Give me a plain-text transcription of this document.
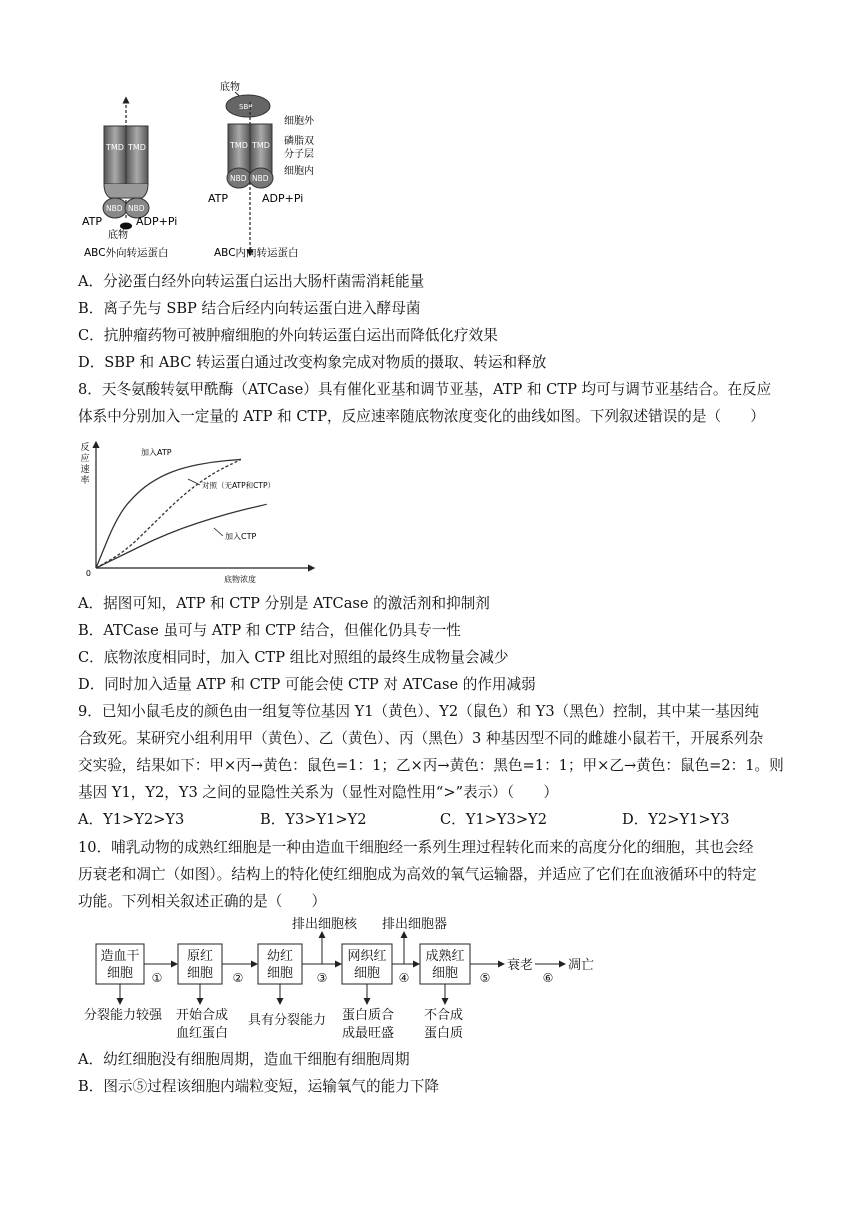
TMD TMD
NBD NBD
ATP	ADP+Pi
底物
ABC外向转运蛋白
底物
SBP
TMD TMD
NBD NBD
ATP	ADP+Pi
细胞外
磷脂双
分子层
细胞内
ABC内向转运蛋白
A．分泌蛋白经外向转运蛋白运出大肠杆菌需消耗能量
B．离子先与 SBP 结合后经内向转运蛋白进入酵母菌
C．抗肿瘤药物可被肿瘤细胞的外向转运蛋白运出而降低化疗效果
D．SBP 和 ABC 转运蛋白通过改变构象完成对物质的摄取、转运和释放
8．天冬氨酸转氨甲酰酶（ATCase）具有催化亚基和调节亚基，ATP 和 CTP 均可与调节亚基结合。在反应
体系中分别加入一定量的 ATP 和 CTP，反应速率随底物浓度变化的曲线如图。下列叙述错误的是（　　）
反
应
速
率
0
底物浓度
加入ATP
对照（无ATP和CTP）
加入CTP
A．据图可知，ATP 和 CTP 分别是 ATCase 的激活剂和抑制剂
B．ATCase 虽可与 ATP 和 CTP 结合，但催化仍具专一性
C．底物浓度相同时，加入 CTP 组比对照组的最终生成物量会减少
D．同时加入适量 ATP 和 CTP 可能会使 CTP 对 ATCase 的作用减弱
9．已知小鼠毛皮的颜色由一组复等位基因 Y1（黄色）、Y2（鼠色）和 Y3（黑色）控制，其中某一基因纯
合致死。某研究小组利用甲（黄色）、乙（黄色）、丙（黑色）3 种基因型不同的雌雄小鼠若干，开展系列杂
交实验，结果如下：甲×丙→黄色：鼠色=1：1；乙×丙→黄色：黑色=1：1；甲×乙→黄色：鼠色=2：1。则
基因 Y1，Y2，Y3 之间的显隐性关系为（显性对隐性用“>”表示）（　　）
A．Y1>Y2>Y3	B．Y3>Y1>Y2	C．Y1>Y3>Y2	D．Y2>Y1>Y3
10．哺乳动物的成熟红细胞是一种由造血干细胞经一系列生理过程转化而来的高度分化的细胞，其也会经
历衰老和凋亡（如图）。结构上的特化使红细胞成为高效的氧气运输器，并适应了它们在血液循环中的特定
功能。下列相关叙述正确的是（　　）
造血干
细胞
原红
细胞
幼红
细胞
网织红
细胞
成熟红
细胞
①	②	③	④	⑤
衰老
⑥
凋亡
排出细胞核 排出细胞器
分裂能力较强 开始合成
血红蛋白
具有分裂能力 蛋白质合
成最旺盛
不合成
蛋白质
A．幼红细胞没有细胞周期，造血干细胞有细胞周期
B．图示⑤过程该细胞内端粒变短，运输氧气的能力下降
